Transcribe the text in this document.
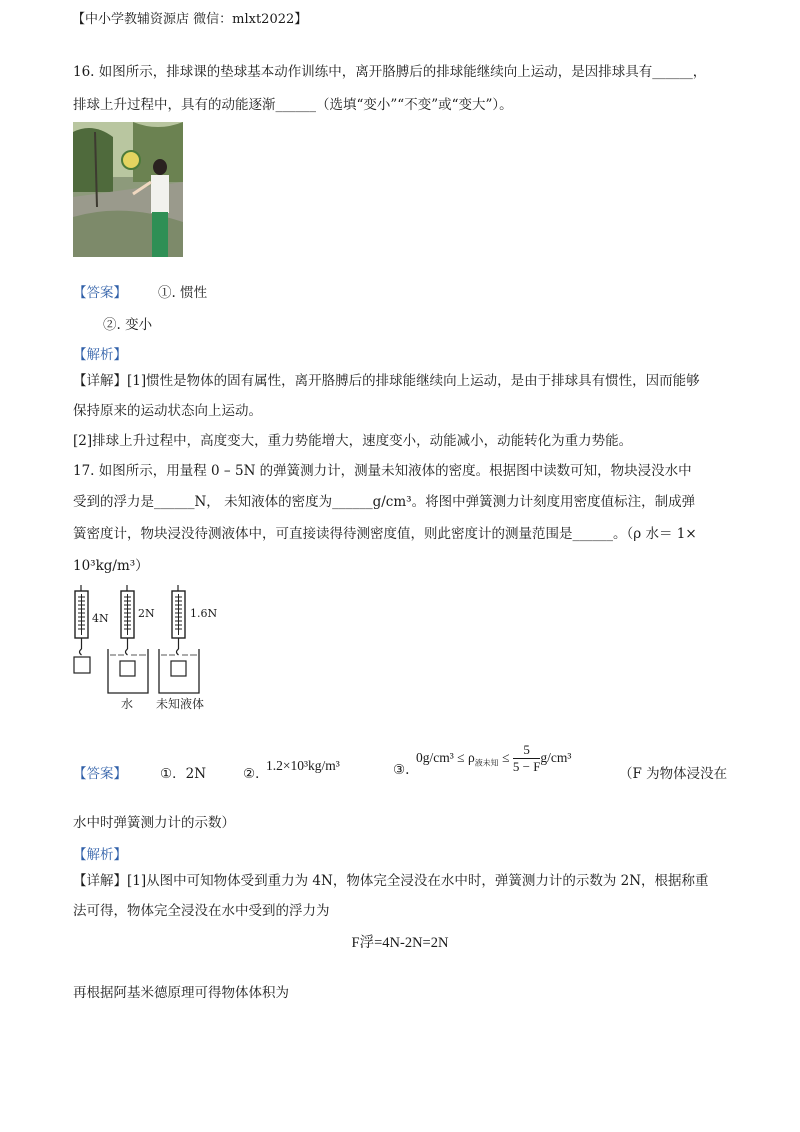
【中小学教辅资源店 微信：mlxt2022】
16. 如图所示，排球课的垫球基本动作训练中，离开胳膊后的排球能继续向上运动，是因排球具有______，
排球上升过程中，具有的动能逐渐______（选填“变小”“不变”或“变大”）。
【答案】 ①. 惯性
②. 变小
【解析】
【详解】[1]惯性是物体的固有属性，离开胳膊后的排球能继续向上运动，是由于排球具有惯性，因而能够
保持原来的运动状态向上运动。
[2]排球上升过程中，高度变大，重力势能增大，速度变小，动能减小，动能转化为重力势能。
17. 如图所示，用量程 0 – 5N 的弹簧测力计，测量未知液体的密度。根据图中读数可知，物块浸没水中
受到的浮力是______N， 未知液体的密度为______g/cm³。将图中弹簧测力计刻度用密度值标注，制成弹
簧密度计，物块浸没待测液体中，可直接读得待测密度值，则此密度计的测量范围是______。（ρ 水＝ 1×
10³kg/m³）
4N	2N	1.6N
水 未知液体
【答案】 ①．2N	②．
1.2×10³kg/m³	③.
$0g/cm^3 \le \rho_{液未知} \le \frac{5}{5 - F} g/cm^3$
（F 为物体浸没在
水中时弹簧测力计的示数）
【解析】
【详解】[1]从图中可知物体受到重力为 4N，物体完全浸没在水中时，弹簧测力计的示数为 2N，根据称重
法可得，物体完全浸没在水中受到的浮力为
F浮=4N-2N=2N
再根据阿基米德原理可得物体体积为
